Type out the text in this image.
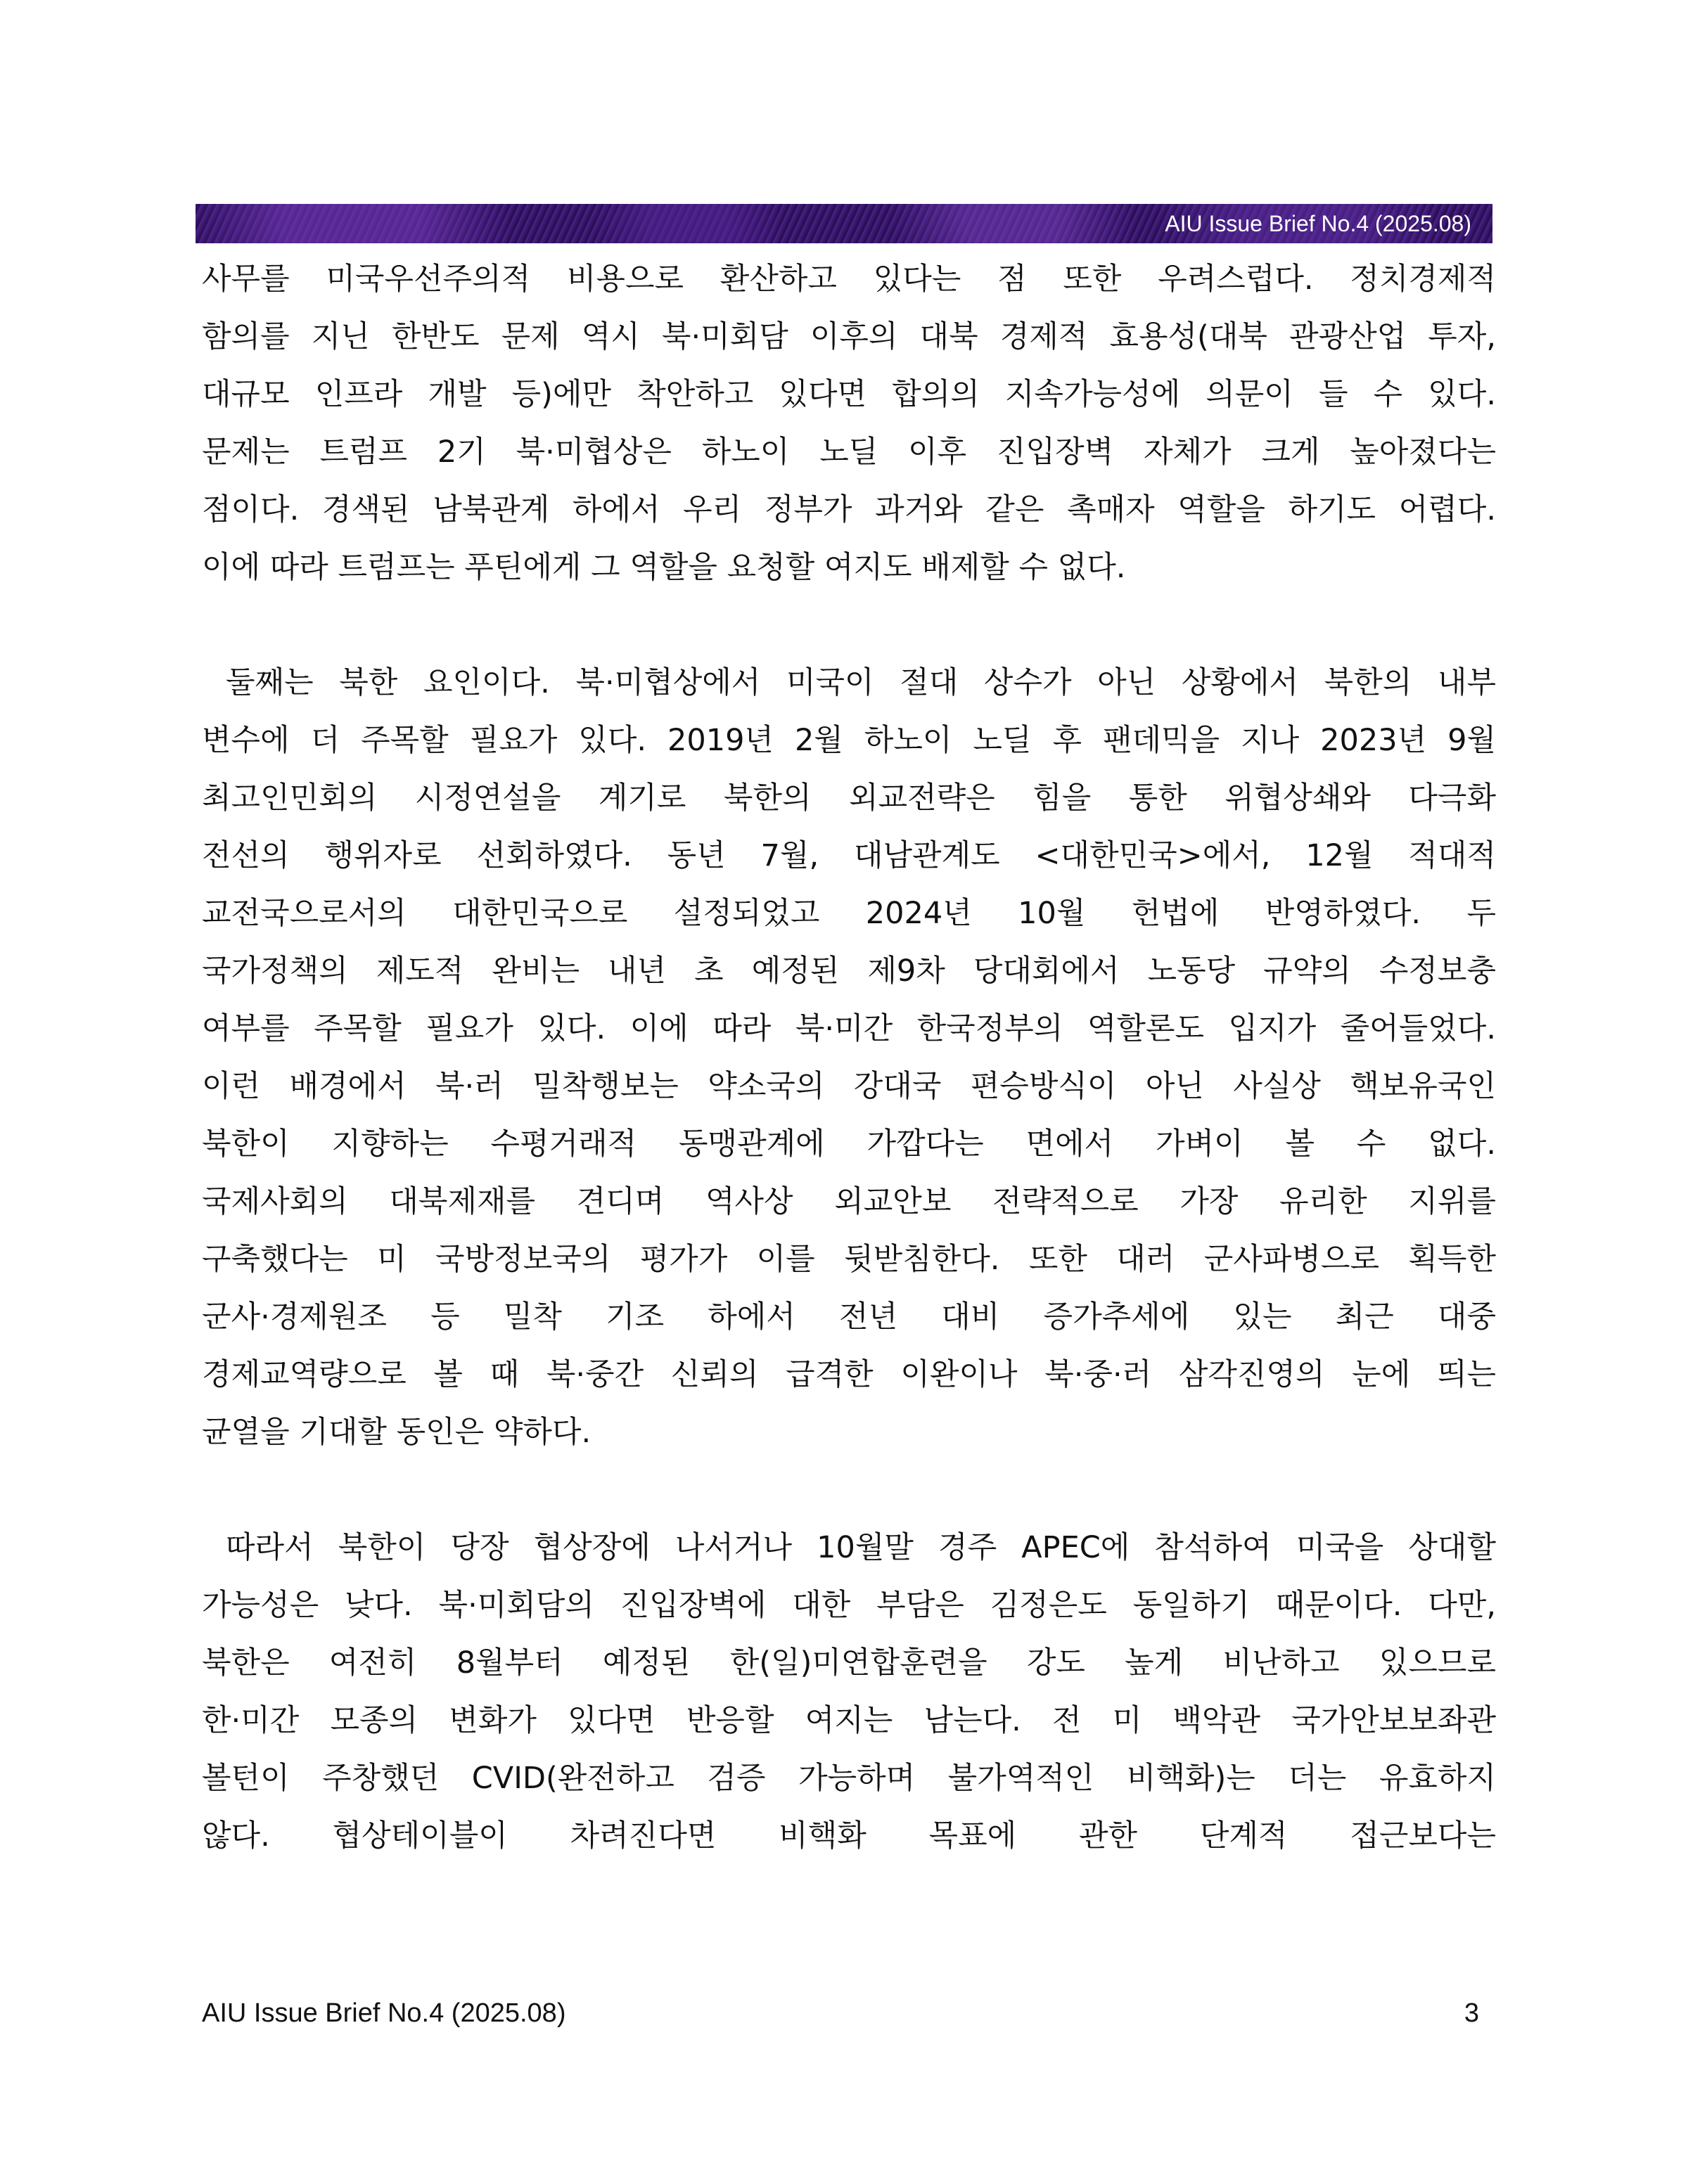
AIU Issue Brief No.4 (2025.08)
사무를 미국우선주의적 비용으로 환산하고 있다는 점 또한 우려스럽다. 정치경제적
함의를 지닌 한반도 문제 역시 북·미회담 이후의 대북 경제적 효용성(대북 관광산업 투자,
대규모 인프라 개발 등)에만 착안하고 있다면 합의의 지속가능성에 의문이 들 수 있다.
문제는 트럼프 2기 북·미협상은 하노이 노딜 이후 진입장벽 자체가 크게 높아졌다는
점이다. 경색된 남북관계 하에서 우리 정부가 과거와 같은 촉매자 역할을 하기도 어렵다.
이에 따라 트럼프는 푸틴에게 그 역할을 요청할 여지도 배제할 수 없다.
둘째는 북한 요인이다. 북·미협상에서 미국이 절대 상수가 아닌 상황에서 북한의 내부
변수에 더 주목할 필요가 있다. 2019년 2월 하노이 노딜 후 팬데믹을 지나 2023년 9월
최고인민회의 시정연설을 계기로 북한의 외교전략은 힘을 통한 위협상쇄와 다극화
전선의 행위자로 선회하였다. 동년 7월, 대남관계도 <대한민국>에서, 12월 적대적
교전국으로서의 대한민국으로 설정되었고 2024년 10월 헌법에 반영하였다. 두
국가정책의 제도적 완비는 내년 초 예정된 제9차 당대회에서 노동당 규약의 수정보충
여부를 주목할 필요가 있다. 이에 따라 북·미간 한국정부의 역할론도 입지가 줄어들었다.
이런 배경에서 북·러 밀착행보는 약소국의 강대국 편승방식이 아닌 사실상 핵보유국인
북한이 지향하는 수평거래적 동맹관계에 가깝다는 면에서 가벼이 볼 수 없다.
국제사회의 대북제재를 견디며 역사상 외교안보 전략적으로 가장 유리한 지위를
구축했다는 미 국방정보국의 평가가 이를 뒷받침한다. 또한 대러 군사파병으로 획득한
군사·경제원조 등 밀착 기조 하에서 전년 대비 증가추세에 있는 최근 대중
경제교역량으로 볼 때 북·중간 신뢰의 급격한 이완이나 북·중·러 삼각진영의 눈에 띄는
균열을 기대할 동인은 약하다.
따라서 북한이 당장 협상장에 나서거나 10월말 경주 APEC에 참석하여 미국을 상대할
가능성은 낮다. 북·미회담의 진입장벽에 대한 부담은 김정은도 동일하기 때문이다. 다만,
북한은 여전히 8월부터 예정된 한(일)미연합훈련을 강도 높게 비난하고 있으므로
한·미간 모종의 변화가 있다면 반응할 여지는 남는다. 전 미 백악관 국가안보보좌관
볼턴이 주창했던 CVID(완전하고 검증 가능하며 불가역적인 비핵화)는 더는 유효하지
않다. 협상테이블이 차려진다면 비핵화 목표에 관한 단계적 접근보다는
AIU Issue Brief No.4 (2025.08)	3
